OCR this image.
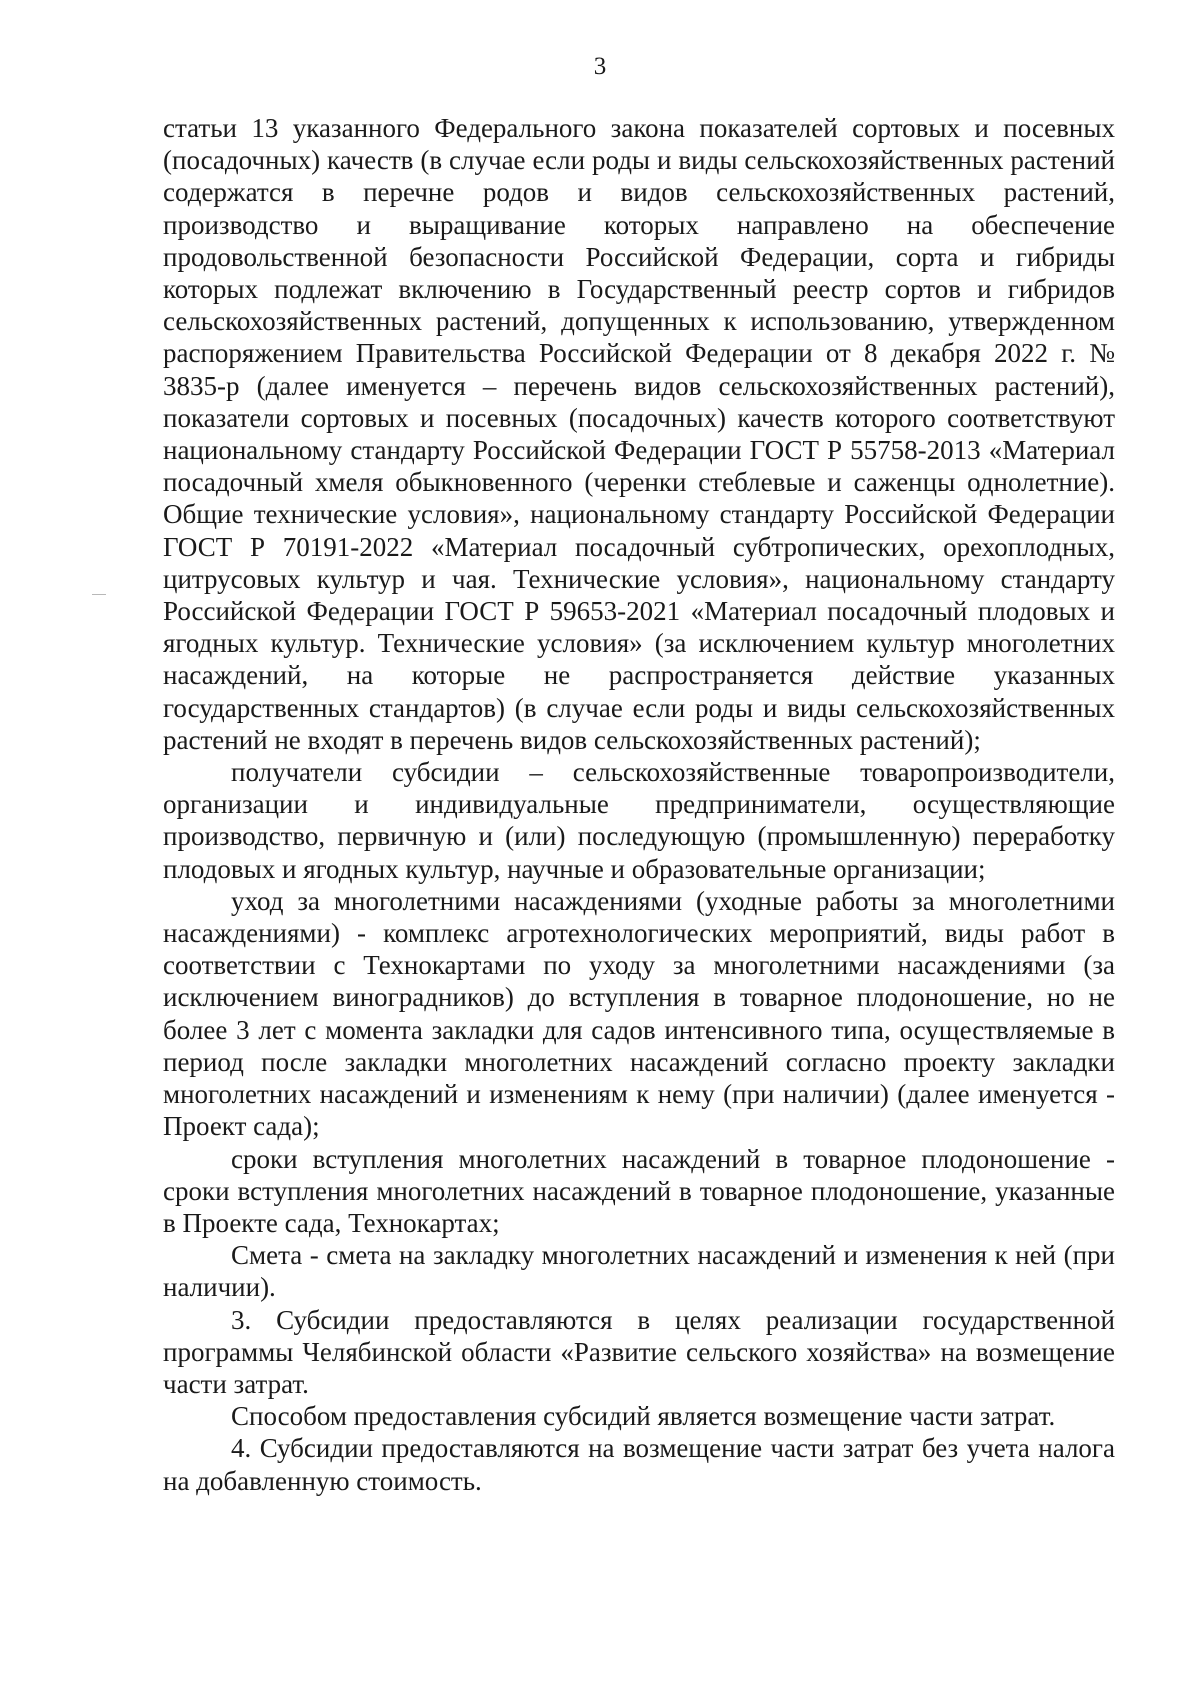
3

статьи 13 указанного Федерального закона показателей сортовых и посевных (посадочных) качеств (в случае если роды и виды сельскохозяйственных растений содержатся в перечне родов и видов сельскохозяйственных растений, производство и выращивание которых направлено на обеспечение продовольственной безопасности Российской Федерации, сорта и гибриды которых подлежат включению в Государственный реестр сортов и гибридов сельскохозяйственных растений, допущенных к использованию, утвержденном распоряжением Правительства Российской Федерации от 8 декабря 2022 г. № 3835-р (далее именуется – перечень видов сельскохозяйственных растений), показатели сортовых и посевных (посадочных) качеств которого соответствуют национальному стандарту Российской Федерации ГОСТ Р 55758-2013 «Материал посадочный хмеля обыкновенного (черенки стеблевые и саженцы однолетние). Общие технические условия», национальному стандарту Российской Федерации ГОСТ Р 70191-2022 «Материал посадочный субтропических, орехоплодных, цитрусовых культур и чая. Технические условия», национальному стандарту Российской Федерации ГОСТ Р 59653-2021 «Материал посадочный плодовых и ягодных культур. Технические условия» (за исключением культур многолетних насаждений, на которые не распространяется действие указанных государственных стандартов) (в случае если роды и виды сельскохозяйственных растений не входят в перечень видов сельскохозяйственных растений);

получатели субсидии – сельскохозяйственные товаропроизводители, организации и индивидуальные предприниматели, осуществляющие производство, первичную и (или) последующую (промышленную) переработку плодовых и ягодных культур, научные и образовательные организации;

уход за многолетними насаждениями (уходные работы за многолетними насаждениями) - комплекс агротехнологических мероприятий, виды работ в соответствии с Технокартами по уходу за многолетними насаждениями (за исключением виноградников) до вступления в товарное плодоношение, но не более 3 лет с момента закладки для садов интенсивного типа, осуществляемые в период после закладки многолетних насаждений согласно проекту закладки многолетних насаждений и изменениям к нему (при наличии) (далее именуется - Проект сада);

сроки вступления многолетних насаждений в товарное плодоношение - сроки вступления многолетних насаждений в товарное плодоношение, указанные в Проекте сада, Технокартах;

Смета - смета на закладку многолетних насаждений и изменения к ней (при наличии).

3. Субсидии предоставляются в целях реализации государственной программы Челябинской области «Развитие сельского хозяйства» на возмещение части затрат.

Способом предоставления субсидий является возмещение части затрат.

4. Субсидии предоставляются на возмещение части затрат без учета налога на добавленную стоимость.
